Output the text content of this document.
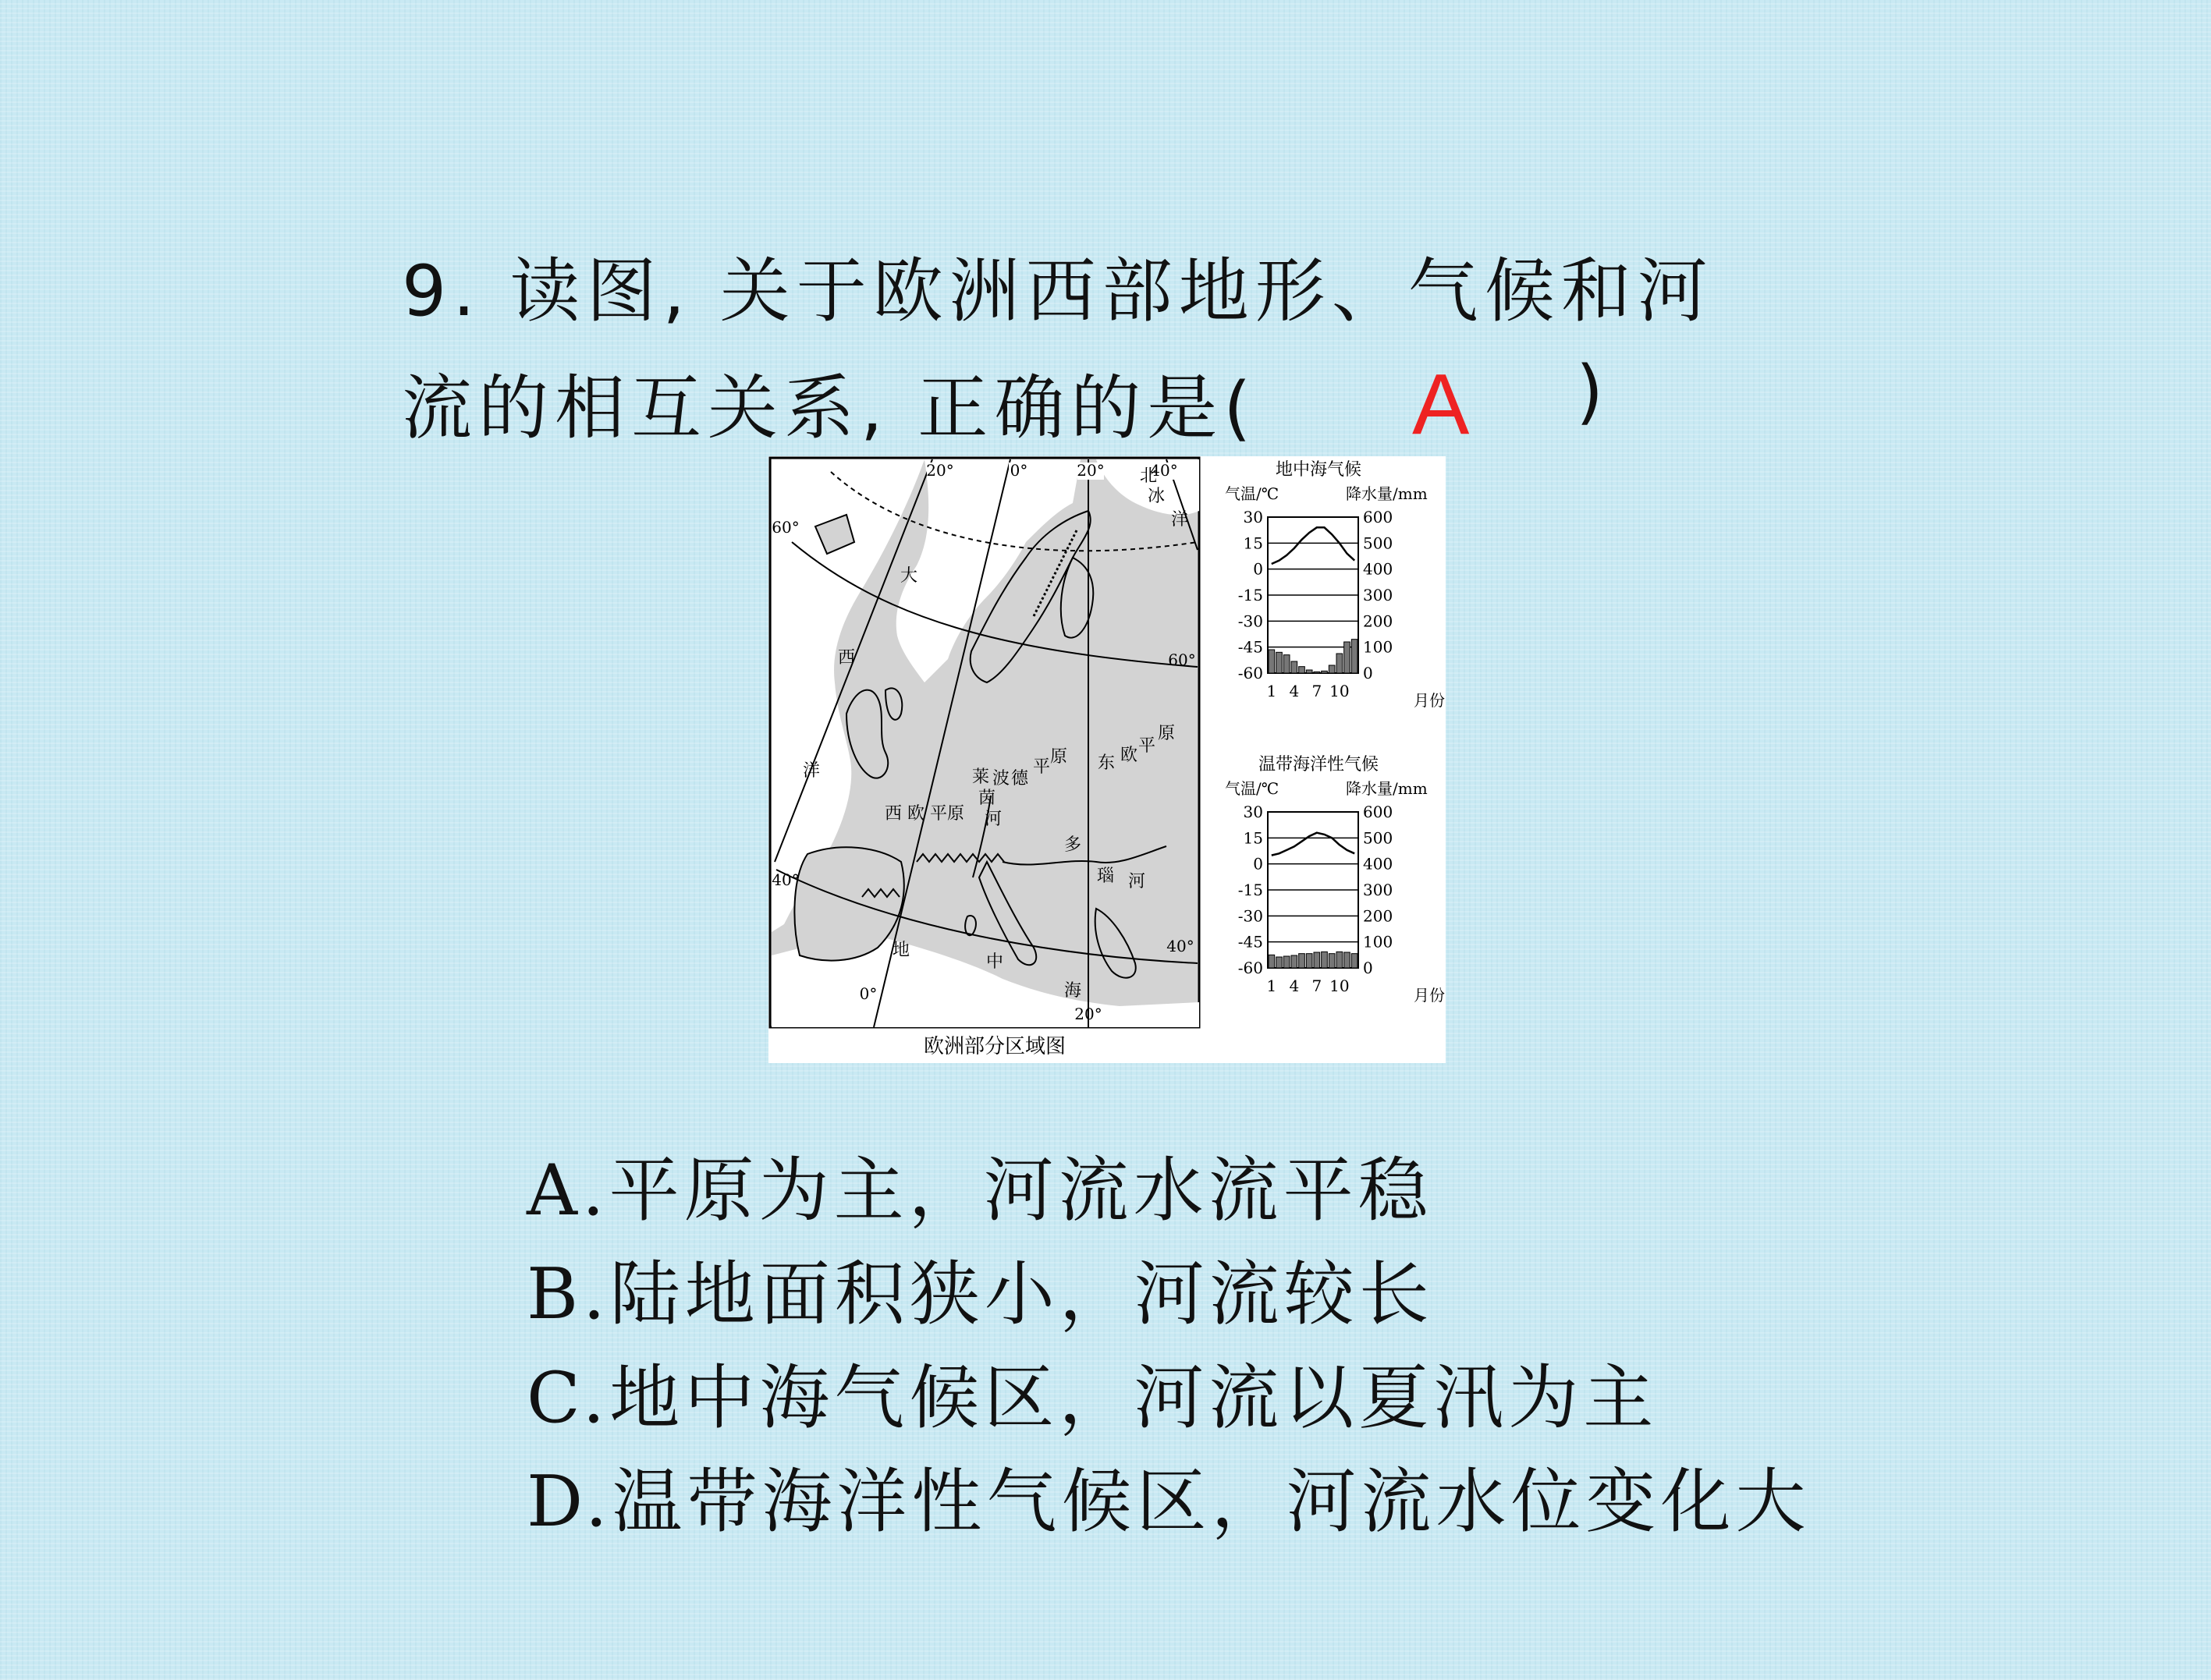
9. 读图, 关于欧洲西部地形、气候和河
流的相互关系, 正确的是( A )
20°	0°	20°	40°
北
冰
洋
60°
60°
40°
40°
0°
20°
大
西
洋	莱
茵
河
波 德
平
原
西 欧 平原
东 欧 平
原
多
瑙 河
地
中
海
欧洲部分区域图
地中海气候
气温/℃	降水量/mm
月份
30	600
15	500
0	400
-15	300
-30	200
-45	100
-60	0
1 4 7 10
温带海洋性气候
气温/℃	降水量/mm
月份
30	600
15	500
0	400
-15	300
-30	200
-45	100
-60	0
1 4 7 10
A.平原为主，河流水流平稳
B.陆地面积狭小，河流较长
C.地中海气候区，河流以夏汛为主
D.温带海洋性气候区，河流水位变化大
